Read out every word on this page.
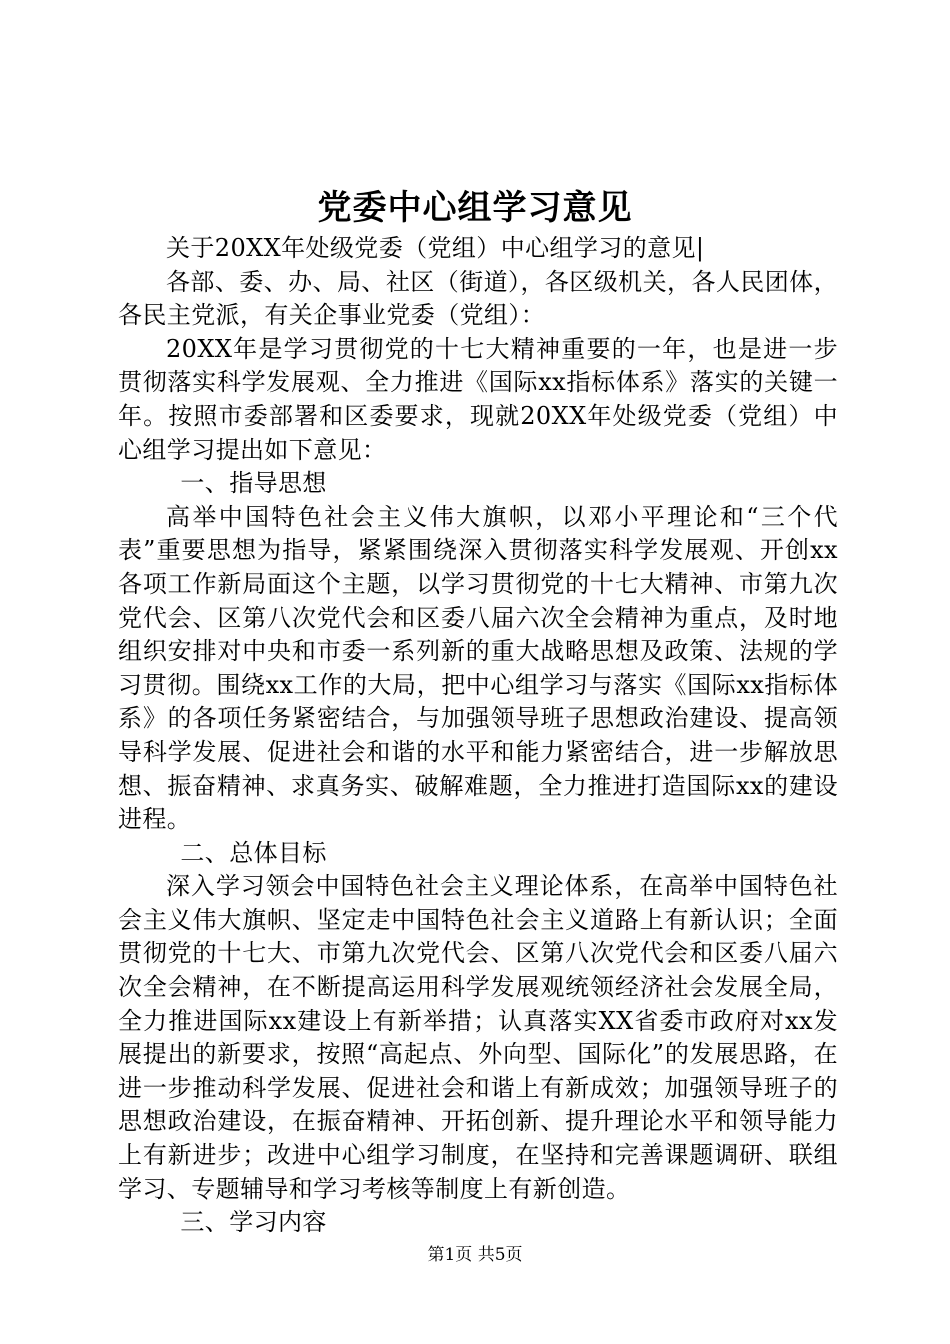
党委中心组学习意见

关于20XX年处级党委（党组）中心组学习的意见|

各部、委、办、局、社区（街道），各区级机关，各人民团体，各民主党派，有关企事业党委（党组）：

20XX年是学习贯彻党的十七大精神重要的一年，也是进一步贯彻落实科学发展观、全力推进《国际xx指标体系》落实的关键一年。按照市委部署和区委要求，现就20XX年处级党委（党组）中心组学习提出如下意见：

一、指导思想

高举中国特色社会主义伟大旗帜，以邓小平理论和“三个代表”重要思想为指导，紧紧围绕深入贯彻落实科学发展观、开创xx各项工作新局面这个主题，以学习贯彻党的十七大精神、市第九次党代会、区第八次党代会和区委八届六次全会精神为重点，及时地组织安排对中央和市委一系列新的重大战略思想及政策、法规的学习贯彻。围绕xx工作的大局，把中心组学习与落实《国际xx指标体系》的各项任务紧密结合，与加强领导班子思想政治建设、提高领导科学发展、促进社会和谐的水平和能力紧密结合，进一步解放思想、振奋精神、求真务实、破解难题，全力推进打造国际xx的建设进程。

二、总体目标

深入学习领会中国特色社会主义理论体系，在高举中国特色社会主义伟大旗帜、坚定走中国特色社会主义道路上有新认识；全面贯彻党的十七大、市第九次党代会、区第八次党代会和区委八届六次全会精神，在不断提高运用科学发展观统领经济社会发展全局，全力推进国际xx建设上有新举措；认真落实XX省委市政府对xx发展提出的新要求，按照“高起点、外向型、国际化”的发展思路，在进一步推动科学发展、促进社会和谐上有新成效；加强领导班子的思想政治建设，在振奋精神、开拓创新、提升理论水平和领导能力上有新进步；改进中心组学习制度，在坚持和完善课题调研、联组学习、专题辅导和学习考核等制度上有新创造。

三、学习内容

第1页 共5页
